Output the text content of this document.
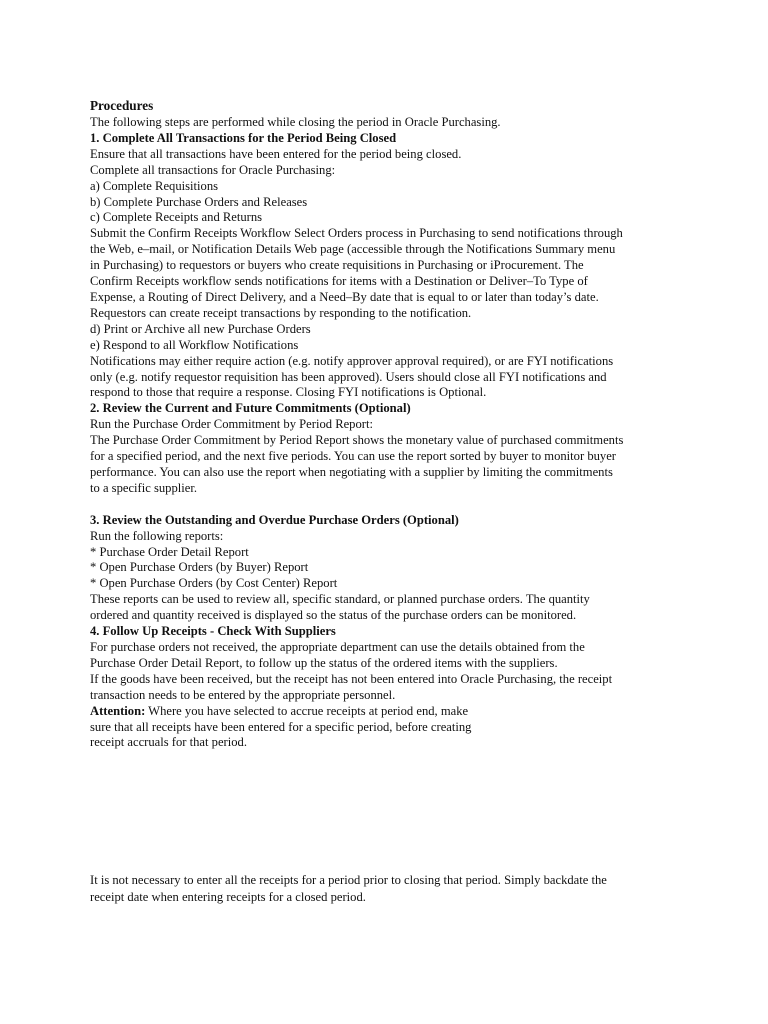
Procedures
The following steps are performed while closing the period in Oracle Purchasing.
1. Complete All Transactions for the Period Being Closed
Ensure that all transactions have been entered for the period being closed.
Complete all transactions for Oracle Purchasing:
a) Complete Requisitions
b) Complete Purchase Orders and Releases
c) Complete Receipts and Returns
Submit the Confirm Receipts Workflow Select Orders process in Purchasing to send notifications through
the Web, e–mail, or Notification Details Web page (accessible through the Notifications Summary menu
in Purchasing) to requestors or buyers who create requisitions in Purchasing or iProcurement. The
Confirm Receipts workflow sends notifications for items with a Destination or Deliver–To Type of
Expense, a Routing of Direct Delivery, and a Need–By date that is equal to or later than today’s date.
Requestors can create receipt transactions by responding to the notification.
d) Print or Archive all new Purchase Orders
e) Respond to all Workflow Notifications
Notifications may either require action (e.g. notify approver approval required), or are FYI notifications
only (e.g. notify requestor requisition has been approved). Users should close all FYI notifications and
respond to those that require a response. Closing FYI notifications is Optional.
2. Review the Current and Future Commitments (Optional)
Run the Purchase Order Commitment by Period Report:
The Purchase Order Commitment by Period Report shows the monetary value of purchased commitments
for a specified period, and the next five periods. You can use the report sorted by buyer to monitor buyer
performance. You can also use the report when negotiating with a supplier by limiting the commitments
to a specific supplier.
3. Review the Outstanding and Overdue Purchase Orders (Optional)
Run the following reports:
* Purchase Order Detail Report
* Open Purchase Orders (by Buyer) Report
* Open Purchase Orders (by Cost Center) Report
These reports can be used to review all, specific standard, or planned purchase orders. The quantity
ordered and quantity received is displayed so the status of the purchase orders can be monitored.
4. Follow Up Receipts - Check With Suppliers
For purchase orders not received, the appropriate department can use the details obtained from the
Purchase Order Detail Report, to follow up the status of the ordered items with the suppliers.
If the goods have been received, but the receipt has not been entered into Oracle Purchasing, the receipt
transaction needs to be entered by the appropriate personnel.
Attention: Where you have selected to accrue receipts at period end, make
sure that all receipts have been entered for a specific period, before creating
receipt accruals for that period.
It is not necessary to enter all the receipts for a period prior to closing that period. Simply backdate the
receipt date when entering receipts for a closed period.
